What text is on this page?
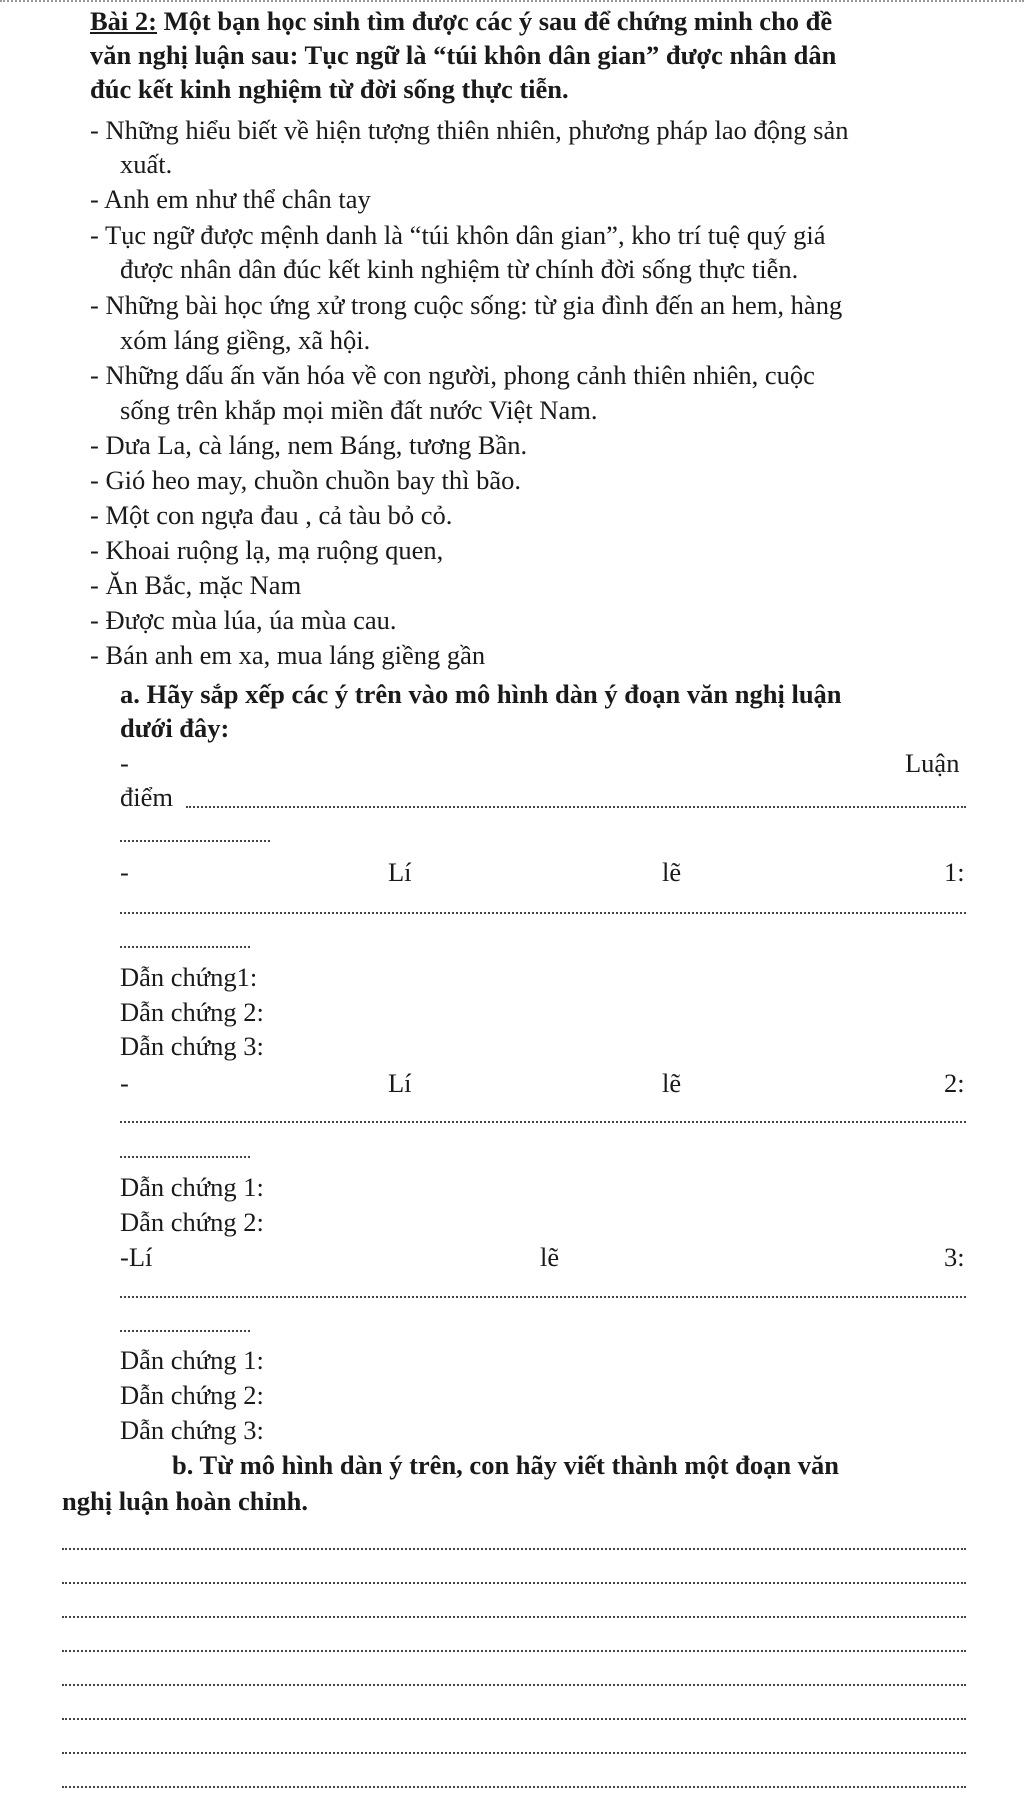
Bài 2: Một bạn học sinh tìm được các ý sau để chứng minh cho đề
văn nghị luận sau: Tục ngữ là “túi khôn dân gian” được nhân dân
đúc kết kinh nghiệm từ đời sống thực tiễn.
- Những hiểu biết về hiện tượng thiên nhiên, phương pháp lao động sản
xuất.
- Anh em như thể chân tay
- Tục ngữ được mệnh danh là “túi khôn dân gian”, kho trí tuệ quý giá
được nhân dân đúc kết kinh nghiệm từ chính đời sống thực tiễn.
- Những bài học ứng xử trong cuộc sống: từ gia đình đến an hem, hàng
xóm láng giềng, xã hội.
- Những dấu ấn văn hóa về con người, phong cảnh thiên nhiên, cuộc
sống trên khắp mọi miền đất nước Việt Nam.
- Dưa La, cà láng, nem Báng, tương Bần.
- Gió heo may, chuồn chuồn bay thì bão.
- Một con ngựa đau , cả tàu bỏ cỏ.
- Khoai ruộng lạ, mạ ruộng quen,
- Ăn Bắc, mặc Nam
- Được mùa lúa, úa mùa cau.
- Bán anh em xa, mua láng giềng gần
a. Hãy sắp xếp các ý trên vào mô hình dàn ý đoạn văn nghị luận
dưới đây:
-	Luận
điểm
-	Lí	lẽ	1:
Dẫn chứng1:
Dẫn chứng 2:
Dẫn chứng 3:
-	Lí	lẽ	2:
Dẫn chứng 1:
Dẫn chứng 2:
-Lí	lẽ	3:
Dẫn chứng 1:
Dẫn chứng 2:
Dẫn chứng 3:
b. Từ mô hình dàn ý trên, con hãy viết thành một đoạn văn
nghị luận hoàn chỉnh.
